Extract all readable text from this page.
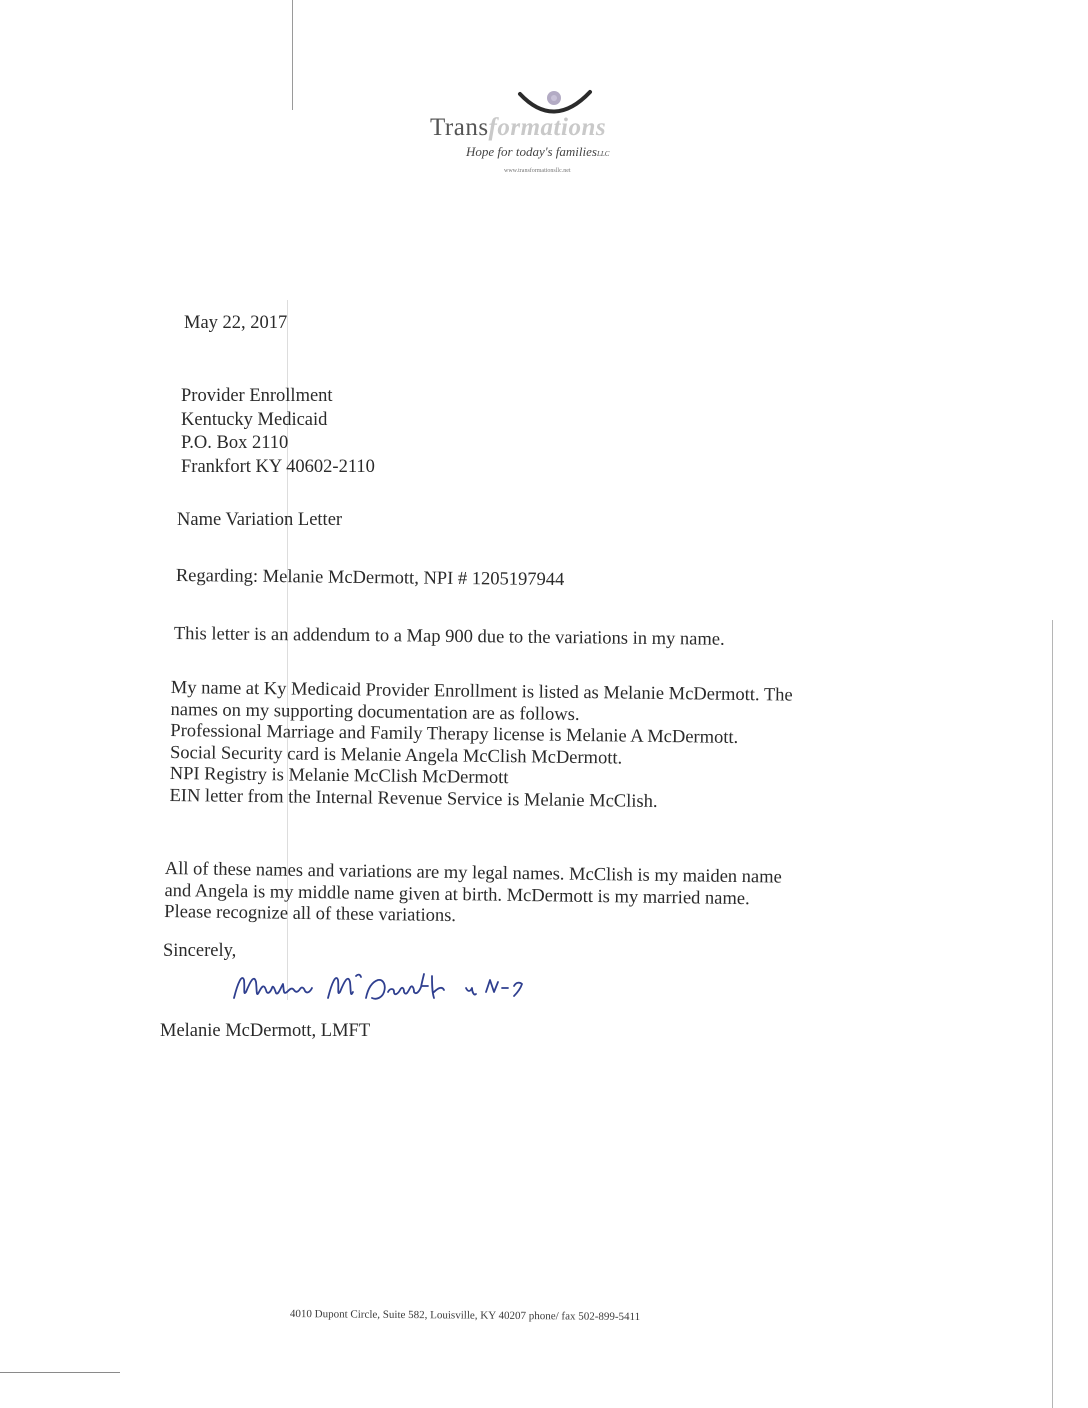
Transformations
Hope for today's familiesLLC
www.transformationsllc.net
May 22, 2017
Provider Enrollment
Kentucky Medicaid
P.O. Box 2110
Frankfort KY 40602-2110
Name Variation Letter
Regarding: Melanie McDermott, NPI # 1205197944
This letter is an addendum to a Map 900 due to the variations in my name.
My name at Ky Medicaid Provider Enrollment is listed as Melanie McDermott. The
names on my supporting documentation are as follows.
Professional Marriage and Family Therapy license is Melanie A McDermott.
Social Security card is Melanie Angela McClish McDermott.
NPI Registry is Melanie McClish McDermott
EIN letter from the Internal Revenue Service is Melanie McClish.
All of these names and variations are my legal names. McClish is my maiden name
and Angela is my middle name given at birth. McDermott is my married name.
Please recognize all of these variations.
Sincerely,
Melanie McDermott, LMFT
4010 Dupont Circle, Suite 582, Louisville, KY 40207 phone/ fax 502-899-5411
